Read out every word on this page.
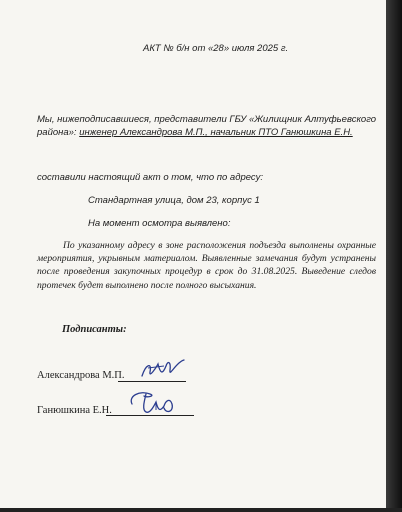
АКТ № б/н от «28» июля 2025 г.
Мы, нижеподписавшиеся, представители ГБУ «Жилищник Алтуфьевского
района»: инженер Александрова М.П., начальник ПТО Ганюшкина Е.Н.
составили настоящий акт о том, что по адресу:
Стандартная улица, дом 23, корпус 1
На момент осмотра выявлено:
По указанному адресу в зоне расположения подъезда выполнены охранные мероприятия, укрывным материалом. Выявленные замечания будут устранены после проведения закупочных процедур в срок до 31.08.2025. Выведение следов протечек будет выполнено после полного высыхания.
Подписанты:
Александрова М.П.
Ганюшкина Е.Н.
